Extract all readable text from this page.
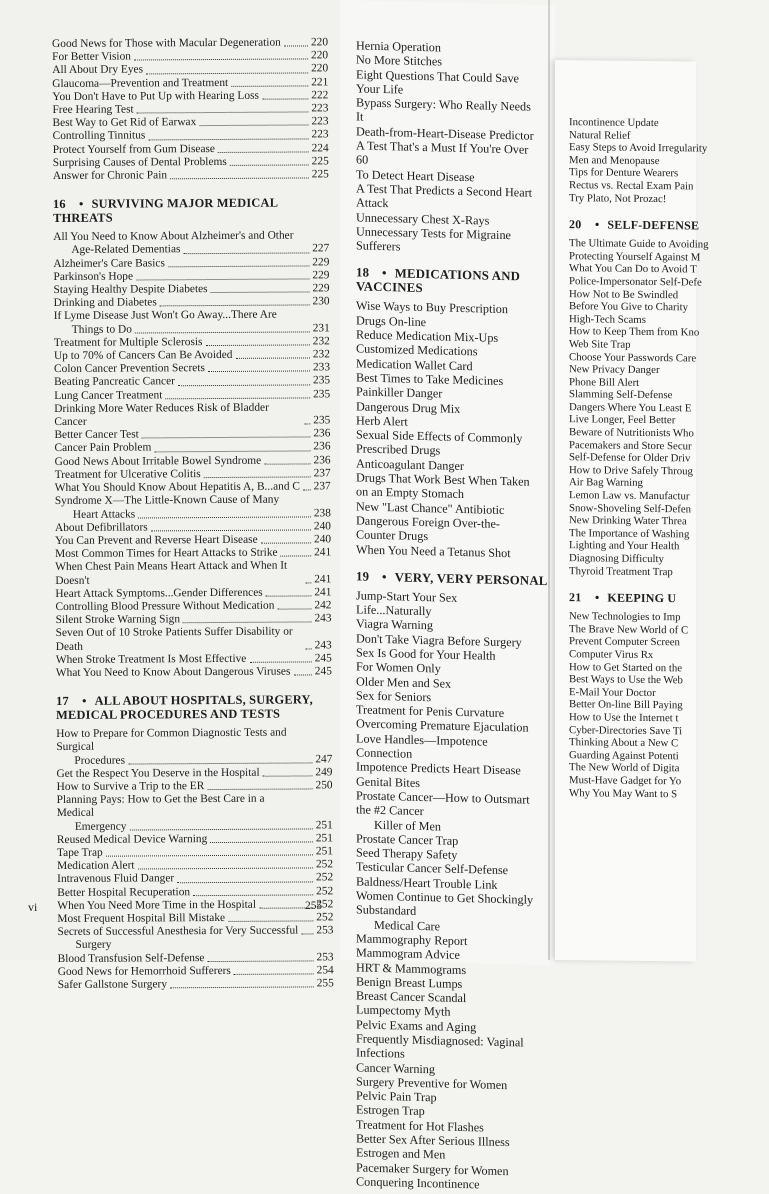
Good News for Those with Macular Degeneration	220
For Better Vision	220
All About Dry Eyes	220
Glaucoma—Prevention and Treatment	221
You Don't Have to Put Up with Hearing Loss	222
Free Hearing Test	223
Best Way to Get Rid of Earwax	223
Controlling Tinnitus	223
Protect Yourself from Gum Disease	224
Surprising Causes of Dental Problems	225
Answer for Chronic Pain	225
16 • SURVIVING MAJOR MEDICAL THREATS
All You Need to Know About Alzheimer's and Other
Age-Related Dementias	227
Alzheimer's Care Basics	229
Parkinson's Hope	229
Staying Healthy Despite Diabetes	229
Drinking and Diabetes	230
If Lyme Disease Just Won't Go Away...There Are
Things to Do	231
Treatment for Multiple Sclerosis	232
Up to 70% of Cancers Can Be Avoided	232
Colon Cancer Prevention Secrets	233
Beating Pancreatic Cancer	235
Lung Cancer Treatment	235
Drinking More Water Reduces Risk of Bladder Cancer	235
Better Cancer Test	236
Cancer Pain Problem	236
Good News About Irritable Bowel Syndrome	236
Treatment for Ulcerative Colitis	237
What You Should Know About Hepatitis A, B...and C 237
Syndrome X—The Little-Known Cause of Many
Heart Attacks	238
About Defibrillators	240
You Can Prevent and Reverse Heart Disease	240
Most Common Times for Heart Attacks to Strike	241
When Chest Pain Means Heart Attack and When It Doesn't	241
Heart Attack Symptoms...Gender Differences	241
Controlling Blood Pressure Without Medication	242
Silent Stroke Warning Sign	243
Seven Out of 10 Stroke Patients Suffer Disability or Death	243
When Stroke Treatment Is Most Effective	245
What You Need to Know About Dangerous Viruses 245
17 • ALL ABOUT HOSPITALS, SURGERY, MEDICAL PROCEDURES AND TESTS
How to Prepare for Common Diagnostic Tests and Surgical
Procedures	247
Get the Respect You Deserve in the Hospital	249
How to Survive a Trip to the ER	250
Planning Pays: How to Get the Best Care in a Medical
Emergency	251
Reused Medical Device Warning	251
Tape Trap	251
Medication Alert	252
Intravenous Fluid Danger	252
Better Hospital Recuperation	252
When You Need More Time in the Hospital	252
Most Frequent Hospital Bill Mistake	252
Secrets of Successful Anesthesia for Very Successful 253
Surgery
Blood Transfusion Self-Defense	253
Good News for Hemorrhoid Sufferers	254
Safer Gallstone Surgery	255
vi	255
Hernia Operation
No More Stitches
Eight Questions That Could Save Your Life
Bypass Surgery: Who Really Needs It
Death-from-Heart-Disease Predictor
A Test That's a Must If You're Over 60
To Detect Heart Disease
A Test That Predicts a Second Heart Attack
Unnecessary Chest X-Rays
Unnecessary Tests for Migraine Sufferers
18 • MEDICATIONS AND VACCINES
Wise Ways to Buy Prescription Drugs On-line
Reduce Medication Mix-Ups
Customized Medications
Medication Wallet Card
Best Times to Take Medicines
Painkiller Danger
Dangerous Drug Mix
Herb Alert
Sexual Side Effects of Commonly Prescribed Drugs
Anticoagulant Danger
Drugs That Work Best When Taken on an Empty Stomach
New "Last Chance" Antibiotic
Dangerous Foreign Over-the-Counter Drugs
When You Need a Tetanus Shot
19 • VERY, VERY PERSONAL
Jump-Start Your Sex Life...Naturally
Viagra Warning
Don't Take Viagra Before Surgery
Sex Is Good for Your Health
For Women Only
Older Men and Sex
Sex for Seniors
Treatment for Penis Curvature
Overcoming Premature Ejaculation
Love Handles—Impotence Connection
Impotence Predicts Heart Disease
Genital Bites
Prostate Cancer—How to Outsmart the #2 Cancer
Killer of Men
Prostate Cancer Trap
Seed Therapy Safety
Testicular Cancer Self-Defense
Baldness/Heart Trouble Link
Women Continue to Get Shockingly Substandard
Medical Care
Mammography Report
Mammogram Advice
HRT & Mammograms
Benign Breast Lumps
Breast Cancer Scandal
Lumpectomy Myth
Pelvic Exams and Aging
Frequently Misdiagnosed: Vaginal Infections
Cancer Warning
Surgery Preventive for Women
Pelvic Pain Trap
Estrogen Trap
Treatment for Hot Flashes
Better Sex After Serious Illness
Estrogen and Men
Pacemaker Surgery for Women
Conquering Incontinence
Incontinence Update
Natural Relief
Easy Steps to Avoid Irregularity
Men and Menopause
Tips for Denture Wearers
Rectus vs. Rectal Exam Pain
Try Plato, Not Prozac!
20 • SELF-DEFENSE
The Ultimate Guide to Avoiding
Protecting Yourself Against M
What You Can Do to Avoid T
Police-Impersonator Self-Defe
How Not to Be Swindled
Before You Give to Charity
High-Tech Scams
How to Keep Them from Kno
Web Site Trap
Choose Your Passwords Care
New Privacy Danger
Phone Bill Alert
Slamming Self-Defense
Dangers Where You Least E
Live Longer, Feel Better
Beware of Nutritionists Who
Pacemakers and Store Secur
Self-Defense for Older Driv
How to Drive Safely Throug
Air Bag Warning
Lemon Law vs. Manufactur
Snow-Shoveling Self-Defen
New Drinking Water Threa
The Importance of Washing
Lighting and Your Health
Diagnosing Difficulty
Thyroid Treatment Trap
21 • KEEPING U
New Technologies to Imp
The Brave New World of C
Prevent Computer Screen
Computer Virus Rx
How to Get Started on the
Best Ways to Use the Web
E-Mail Your Doctor
Better On-line Bill Paying
How to Use the Internet t
Cyber-Directories Save Ti
Thinking About a New C
Guarding Against Potenti
The New World of Digita
Must-Have Gadget for Yo
Why You May Want to S
